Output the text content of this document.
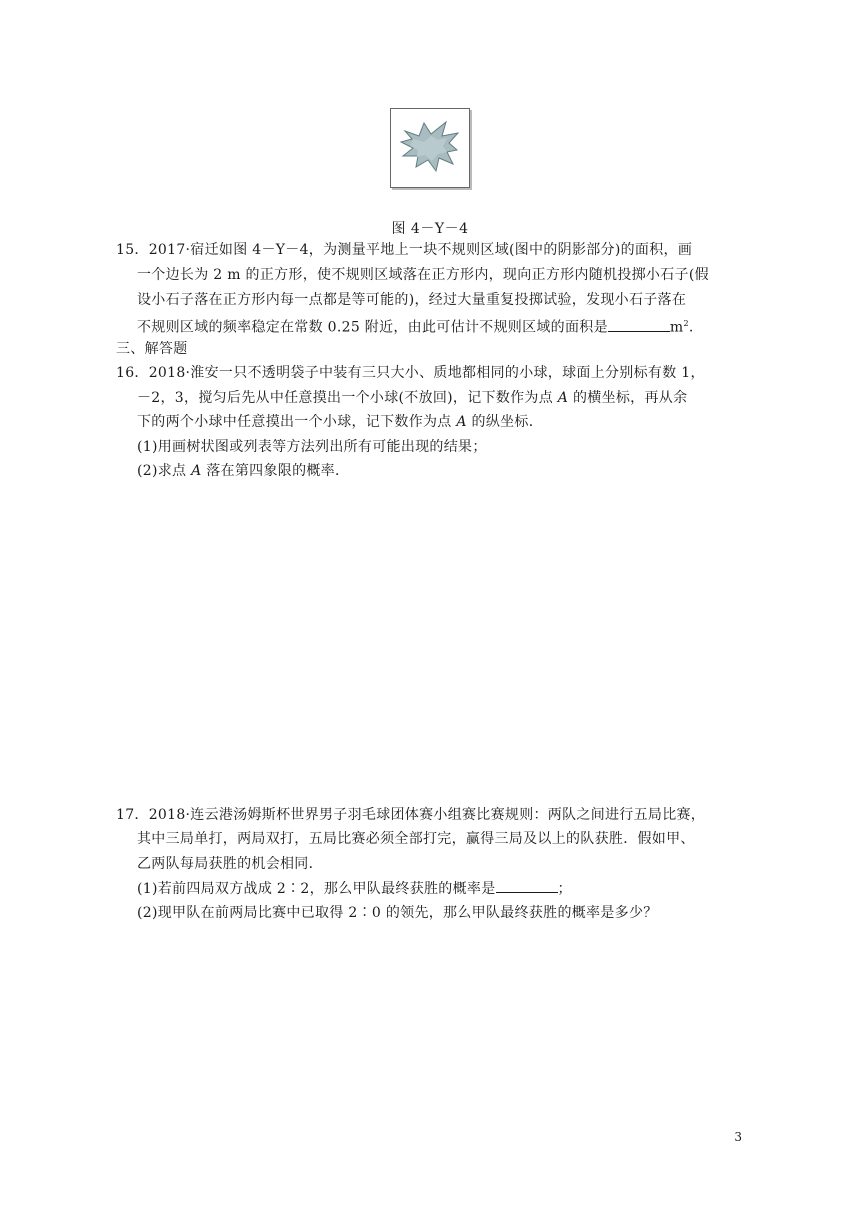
图 4－Y－4
15．2017·宿迁如图 4－Y－4，为测量平地上一块不规则区域(图中的阴影部分)的面积，画
一个边长为 2 m 的正方形，使不规则区域落在正方形内，现向正方形内随机投掷小石子(假
设小石子落在正方形内每一点都是等可能的)，经过大量重复投掷试验，发现小石子落在
不规则区域的频率稳定在常数 0.25 附近，由此可估计不规则区域的面积是	$m^2$.
三、解答题
16．2018·淮安一只不透明袋子中装有三只大小、质地都相同的小球，球面上分别标有数 1，
－2，3，搅匀后先从中任意摸出一个小球(不放回)，记下数作为点 A 的横坐标，再从余
下的两个小球中任意摸出一个小球，记下数作为点 A 的纵坐标．
(1)用画树状图或列表等方法列出所有可能出现的结果；
(2)求点 A 落在第四象限的概率．
17．2018·连云港汤姆斯杯世界男子羽毛球团体赛小组赛比赛规则：两队之间进行五局比赛，
其中三局单打，两局双打，五局比赛必须全部打完，赢得三局及以上的队获胜．假如甲、
乙两队每局获胜的机会相同．
(1)若前四局双方战成 2∶2，那么甲队最终获胜的概率是	；
(2)现甲队在前两局比赛中已取得 2∶0 的领先，那么甲队最终获胜的概率是多少？
3
